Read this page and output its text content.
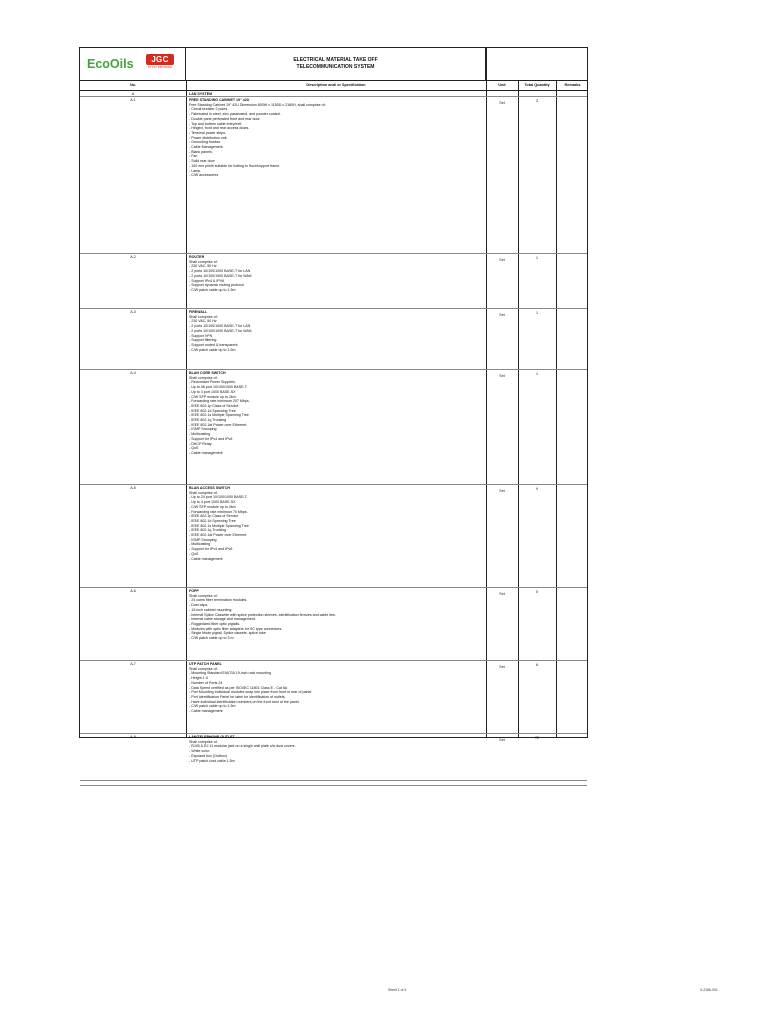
EcoOils	JGC
PT JGC INDONESIA
ELECTRICAL MATERIAL TAKE OFF
TELECOMMUNICATION SYSTEM
No.	Description and/ or Specification	Unit	Total Quantity	Remarks
A	LAN SYSTEM
A-1	FREE STANDING CABINET 19" 42U
Free Standing Cabinet 19" 42U Dimension 800W x 1150D x 2180H, shall comprise of:
- Circuit breaker 2 poles
- Fabricated in steel, zinc passivated, and powder coated.
- Double pane perforated front and rear door.
- Top and bottom cable entry/exit.
- Hinged, front and rear access doors.
- Terminal power strips.
- Power distribution unit.
- Grounding busbar.
- Cable Management.
- Blank panels.
- Fan
- Solid rear door
- 100 mm plinth suitable for bolting to floor/support frame.
- Lamp.
- C/W accessories
Set	3
A-2	ROUTER
Shall comprise of:
- 230 VAC, 50 Hz
- 2 ports 10/100/1000 BASE-T for LAN
- 2 ports 10/100/1000 BASE-T for WAN
- Support IPv4 & IPV6
- Support dynamic routing protocol
- C/W patch cable up to 1.5m
Set	1
A-3	FIREWALL
Shall comprise of:
- 230 VAC, 50 Hz
- 2 ports 10/100/1000 BASE-T for LAN
- 2 ports 10/100/1000 BASE-T for WAN
- Support VPN
- Support filtering
- Support routed & transparent
- C/W patch cable up to 1.5m
Set	1
A-4	BLAN CORE SWITCH
Shall comprise of:
- Redundant Power Supplies.
- Up to 48 port 10/100/1000 BASE-T.
- Up to 4 port 1000 BASE-SX
- C/W SFP module up to 2km
- Forwarding rate minimum 207 Mbps.
- IEEE 802.1p Class of Service
- IEEE 802.1d Spanning Tree
- IEEE 802.1s Multiple Spanning Tree
- IEEE 802.1q Trunking
- IEEE 802.1af Power over Ethernet.
- IGMP Snooping
- Multicasting
- Support for IPv4 and IPv6
- DHCP Relay
- QoS
- Cable management
Set	1
A-5	BLAN ACCESS SWITCH
Shall comprise of:
- Up to 24 port 10/100/1000 BASE-T.
- Up to 4 port 1000 BASE-SX
- C/W SFP module up to 2km
- Forwarding rate minimum 70 Mbps.
- IEEE 802.1p Class of Service
- IEEE 802.1d Spanning Tree
- IEEE 802.1s Multiple Spanning Tree
- IEEE 802.1q Trunking
- IEEE 802.1af Power over Ethernet.
- IGMP Snooping
- Multicasting
- Support for IPv4 and IPv6
- QoS
- Cable management
Set	9
A-6	FOPP
Shall comprise of:
- 24 cores fiber termination modules.
- Dust caps.
- 19-inch cabinet mounting.
- Internal Splice Cassette with splice protection sleeves, identification ferrules and cable ties.
- Internal cable storage and management.
- Ruggedized fiber optic pigtails.
- Modules with optic fiber adapters for SC type connectors.
- Single Mode pigtail, Splice cassete, splice tube
- C/W patch cable up to 3 m
Set	5
A-7	UTP PATCH PANEL
Shall comprise of:
- Mounting Standard EIA/TIA 19-inch rack mounting
- Height 1 U
- Number of Ports 24
- Data Speed certified as per ISO/IEC 11801 Class E - Cat 6A
- Port Mounting Individual modules snap into place from front or rear of panel.
- Port Identification Panel for label for identification of outlets.
- Have individual identification numbers on the front door of the panel.
- C/W patch cable up to 1.5m
- Cable management
Set	6
A-8	LAN/TELEPHONE OUTLET
Shall comprise of:
- RJ45 & RJ 11 modular jack on a single wall plate c/w dust covers.
- White color.
- Exposed box (Outbox)
- UTP patch cord cable 1.5m
Set	72
Sheet 1 of 4	X-2186-001
